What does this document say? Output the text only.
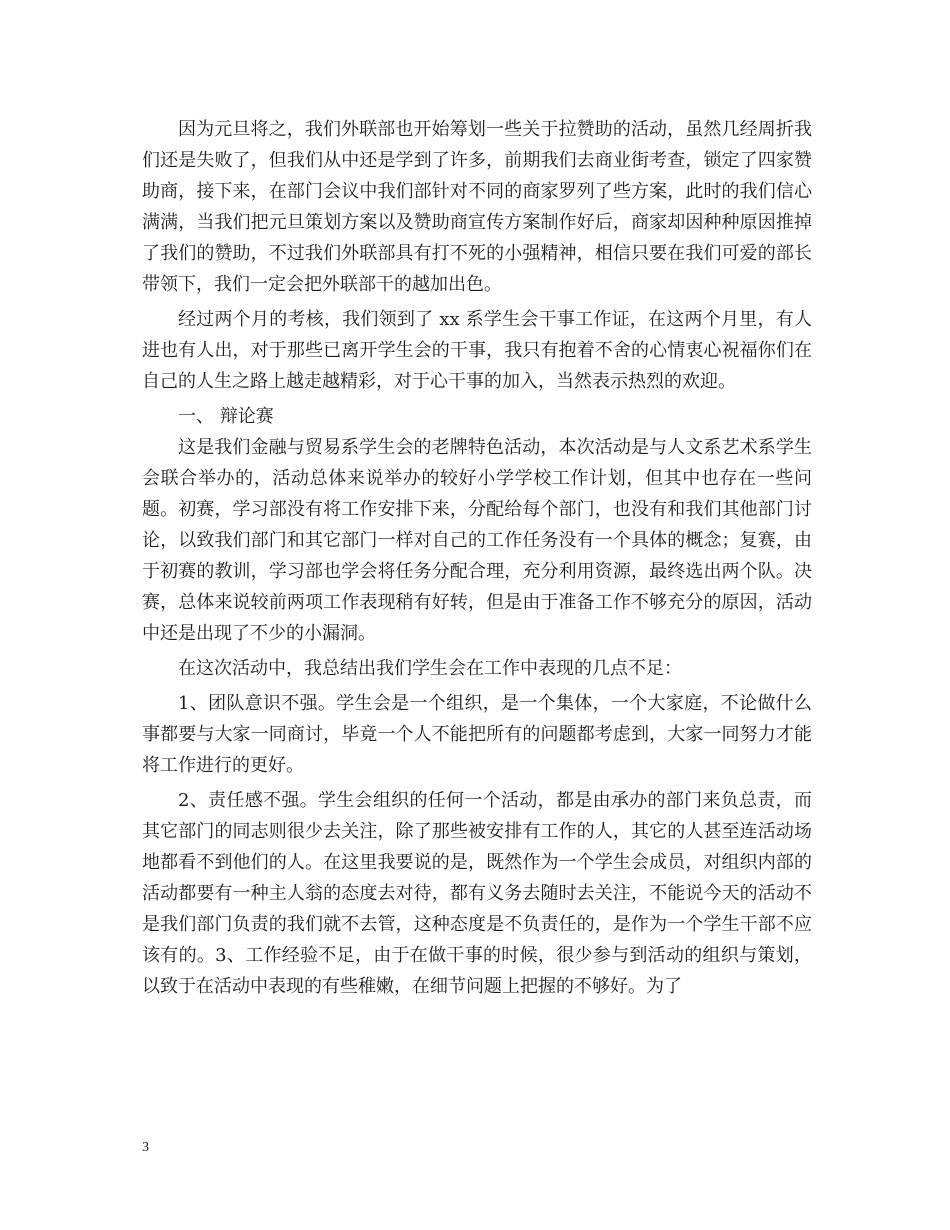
因为元旦将之，我们外联部也开始筹划一些关于拉赞助的活动，虽然几经周折我们还是失败了，但我们从中还是学到了许多，前期我们去商业街考查，锁定了四家赞助商，接下来，在部门会议中我们部针对不同的商家罗列了些方案，此时的我们信心满满，当我们把元旦策划方案以及赞助商宣传方案制作好后，商家却因种种原因推掉了我们的赞助，不过我们外联部具有打不死的小强精神，相信只要在我们可爱的部长带领下，我们一定会把外联部干的越加出色。

经过两个月的考核，我们领到了 xx 系学生会干事工作证，在这两个月里，有人进也有人出，对于那些已离开学生会的干事，我只有抱着不舍的心情衷心祝福你们在自己的人生之路上越走越精彩，对于心干事的加入，当然表示热烈的欢迎。

一、 辩论赛

这是我们金融与贸易系学生会的老牌特色活动，本次活动是与人文系艺术系学生会联合举办的，活动总体来说举办的较好小学学校工作计划，但其中也存在一些问题。初赛，学习部没有将工作安排下来，分配给每个部门，也没有和我们其他部门讨论，以致我们部门和其它部门一样对自己的工作任务没有一个具体的概念；复赛，由于初赛的教训，学习部也学会将任务分配合理，充分利用资源，最终选出两个队。决赛，总体来说较前两项工作表现稍有好转，但是由于准备工作不够充分的原因，活动中还是出现了不少的小漏洞。

在这次活动中，我总结出我们学生会在工作中表现的几点不足：

1、团队意识不强。学生会是一个组织，是一个集体，一个大家庭，不论做什么事都要与大家一同商讨，毕竟一个人不能把所有的问题都考虑到，大家一同努力才能将工作进行的更好。

2、责任感不强。学生会组织的任何一个活动，都是由承办的部门来负总责，而其它部门的同志则很少去关注，除了那些被安排有工作的人，其它的人甚至连活动场地都看不到他们的人。在这里我要说的是，既然作为一个学生会成员，对组织内部的活动都要有一种主人翁的态度去对待，都有义务去随时去关注，不能说今天的活动不是我们部门负责的我们就不去管，这种态度是不负责任的，是作为一个学生干部不应该有的。3、工作经验不足，由于在做干事的时候，很少参与到活动的组织与策划，以致于在活动中表现的有些稚嫩，在细节问题上把握的不够好。为了

3
